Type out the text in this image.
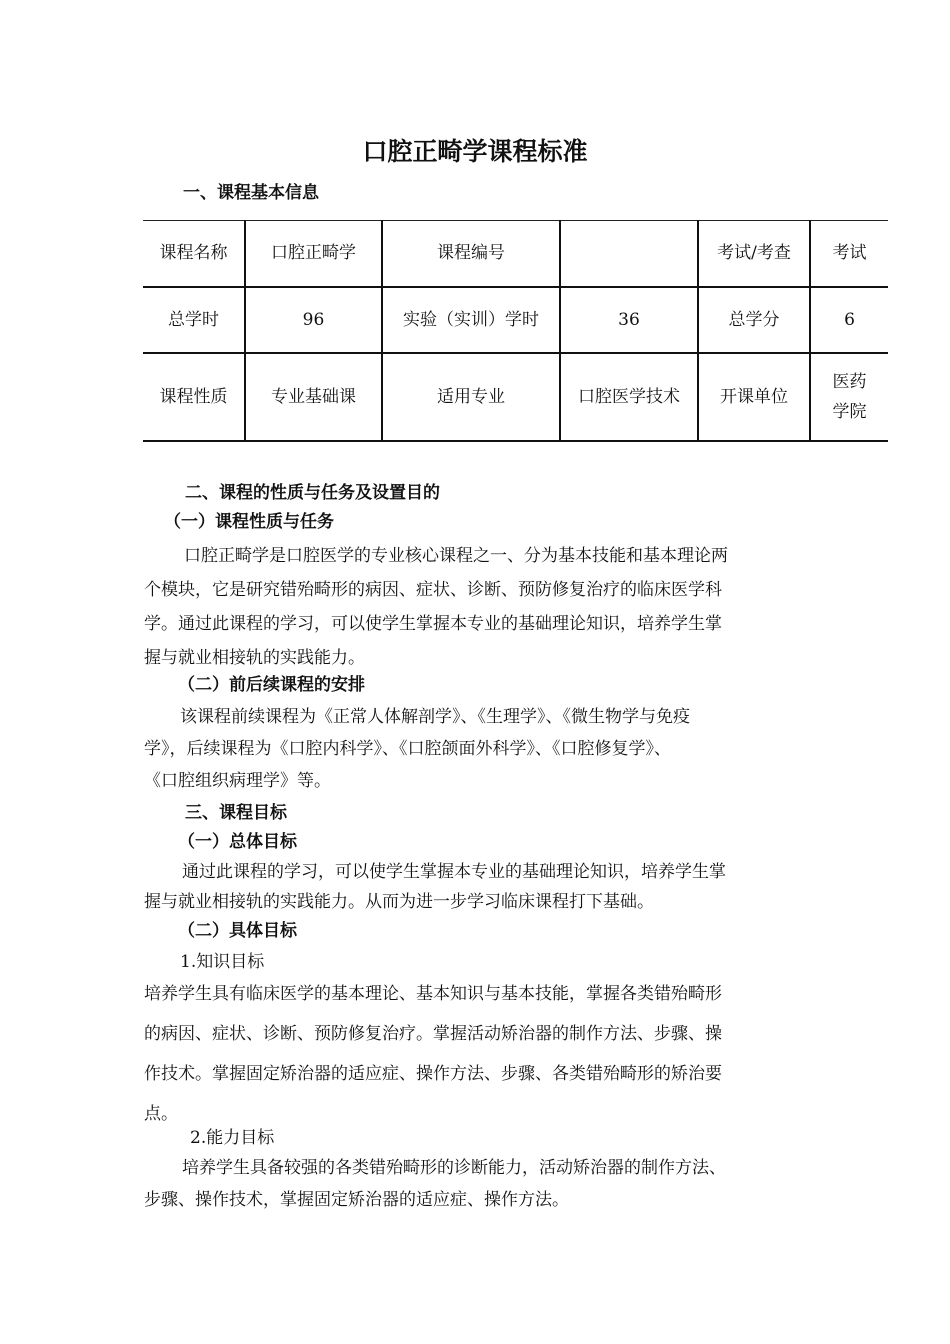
口腔正畸学课程标准
一、课程基本信息
课程名称	口腔正畸学	课程编号		考试/考查	考试
总学时	96	实验（实训）学时	36	总学分	6
课程性质	专业基础课	适用专业	口腔医学技术	开课单位	医药
学院
二、课程的性质与任务及设置目的
（一）课程性质与任务
口腔正畸学是口腔医学的专业核心课程之一、分为基本技能和基本理论两
个模块，它是研究错殆畸形的病因、症状、诊断、预防修复治疗的临床医学科
学。通过此课程的学习，可以使学生掌握本专业的基础理论知识，培养学生掌
握与就业相接轨的实践能力。
（二）前后续课程的安排
该课程前续课程为《正常人体解剖学》、《生理学》、《微生物学与免疫
学》，后续课程为《口腔内科学》、《口腔颌面外科学》、《口腔修复学》、
《口腔组织病理学》等。
三、课程目标
（一）总体目标
通过此课程的学习，可以使学生掌握本专业的基础理论知识，培养学生掌
握与就业相接轨的实践能力。从而为进一步学习临床课程打下基础。
（二）具体目标
1.知识目标
培养学生具有临床医学的基本理论、基本知识与基本技能，掌握各类错殆畸形
的病因、症状、诊断、预防修复治疗。掌握活动矫治器的制作方法、步骤、操
作技术。掌握固定矫治器的适应症、操作方法、步骤、各类错殆畸形的矫治要
点。
2.能力目标
培养学生具备较强的各类错殆畸形的诊断能力，活动矫治器的制作方法、
步骤、操作技术，掌握固定矫治器的适应症、操作方法。
